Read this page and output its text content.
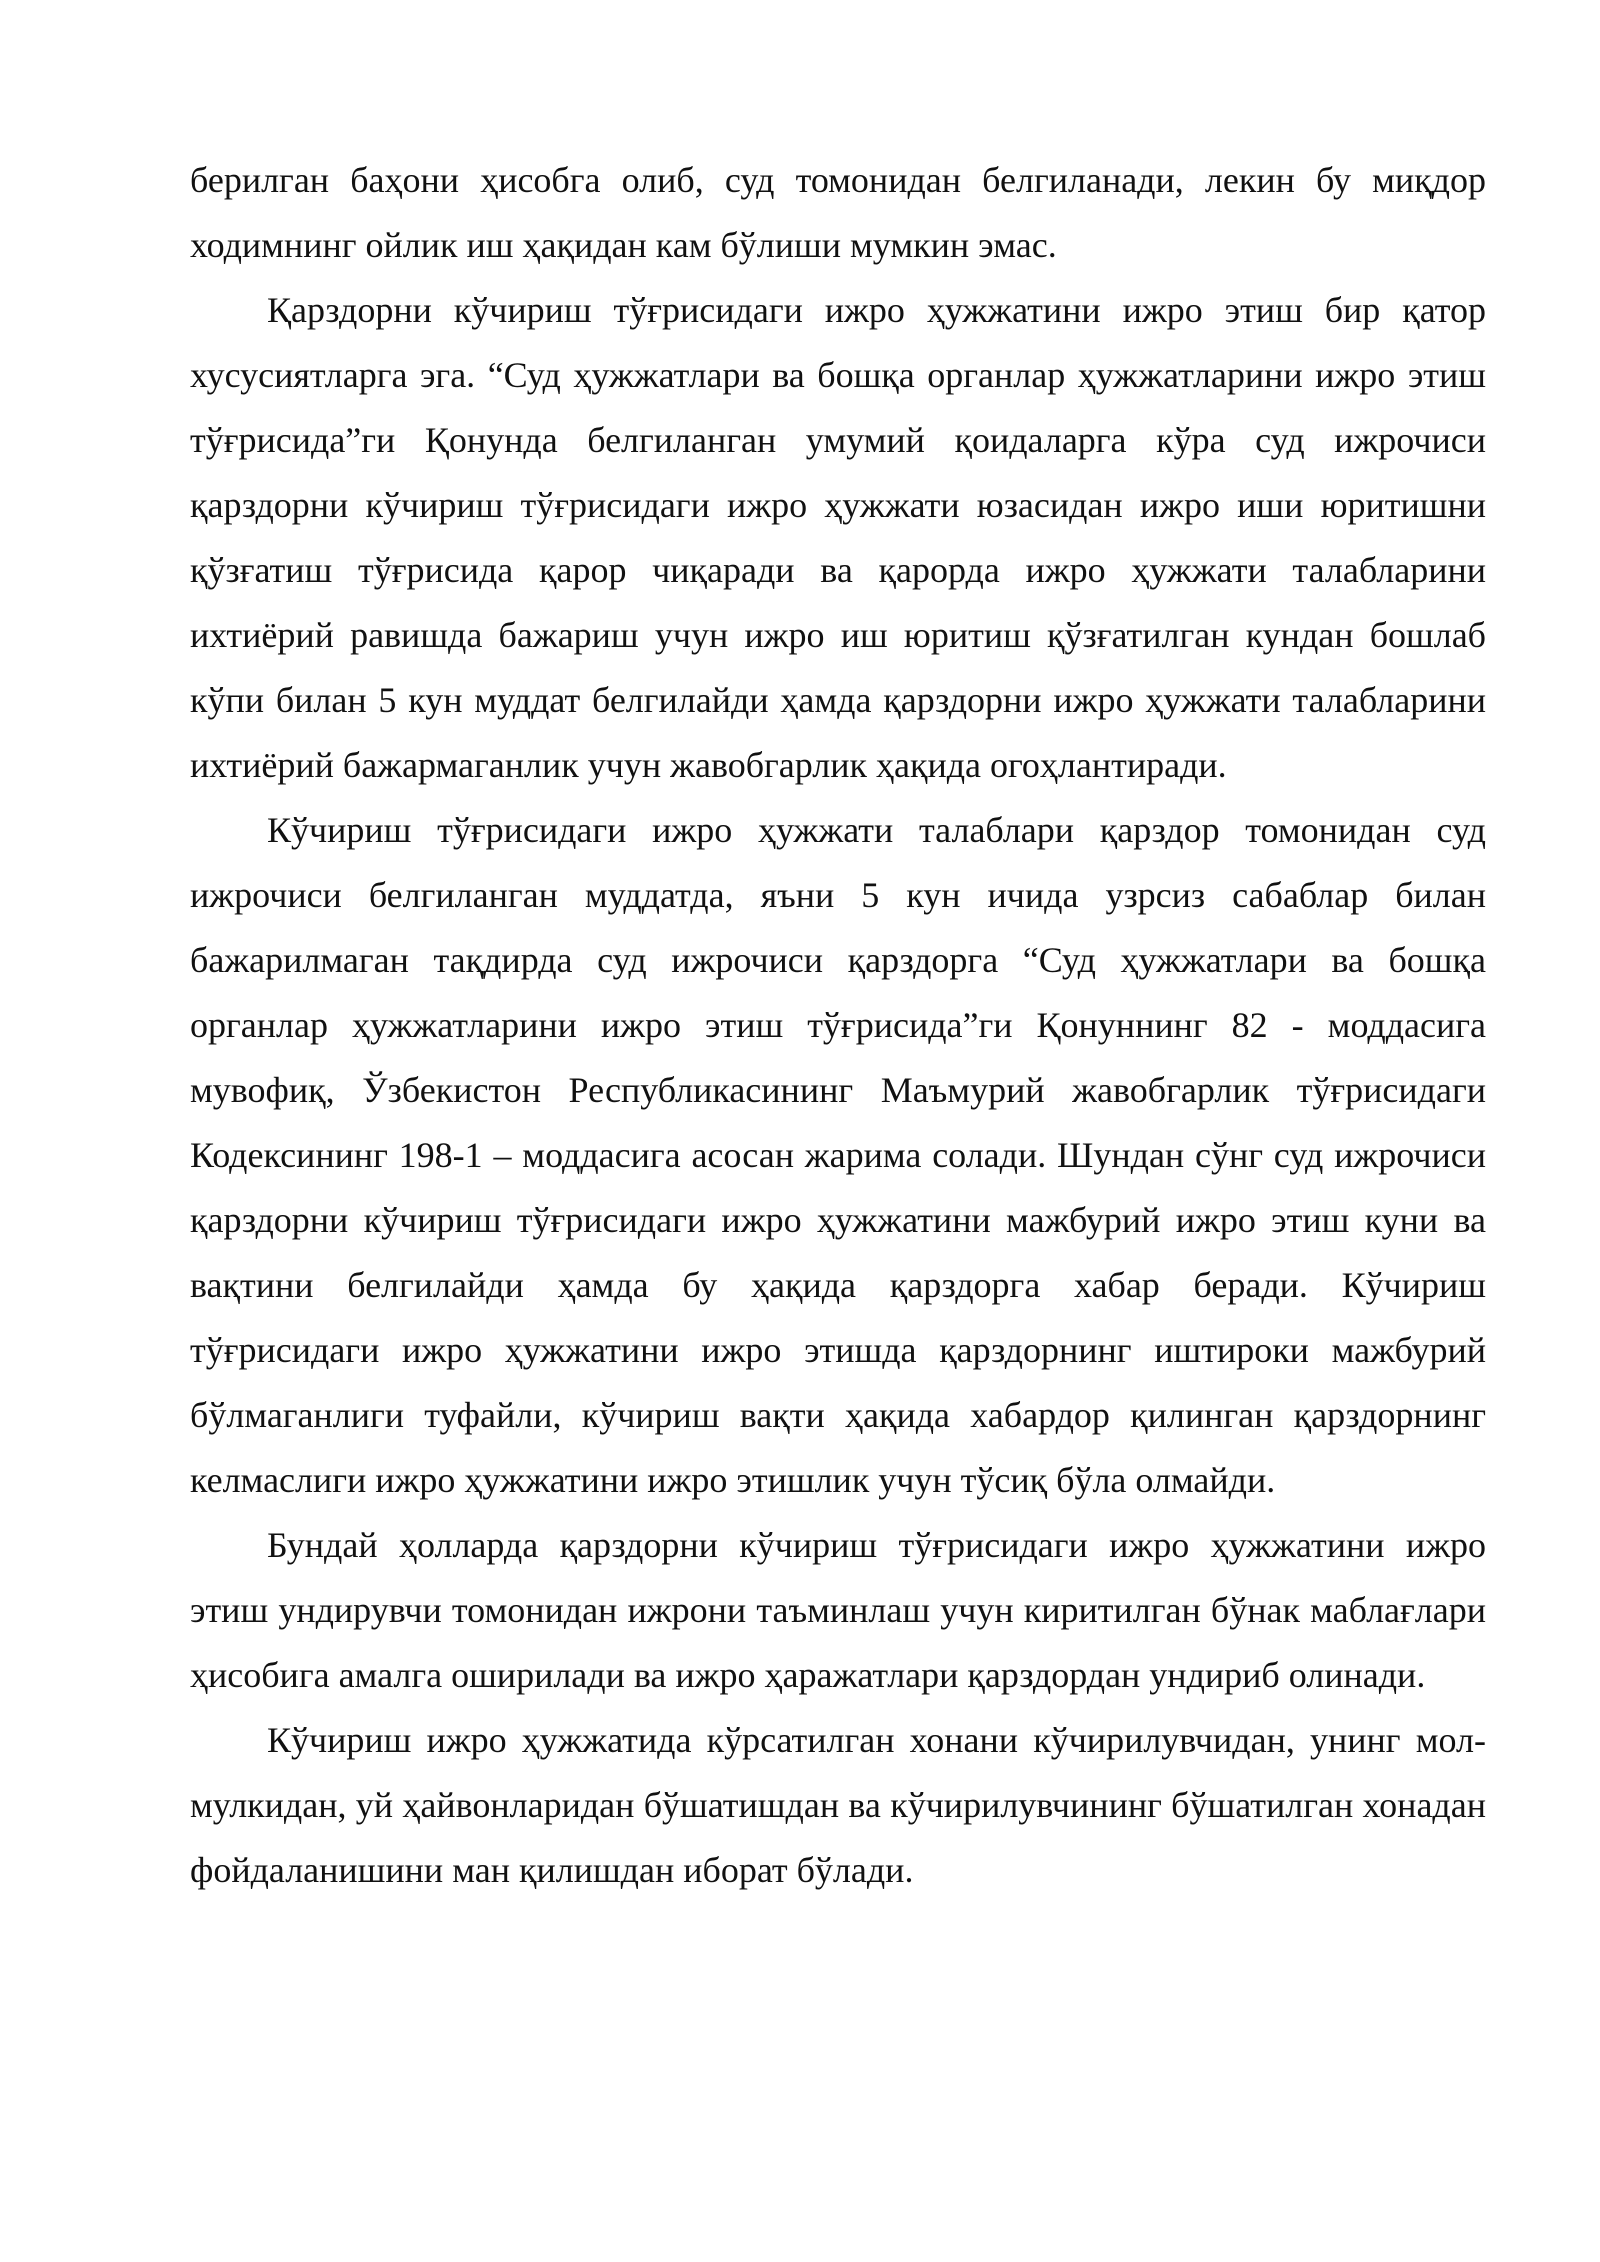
берилган баҳони ҳисобга олиб, суд томонидан белгиланади, лекин бу миқдор ходимнинг ойлик иш ҳақидан кам бўлиши мумкин эмас.

Қарздорни кўчириш тўғрисидаги ижро ҳужжатини ижро этиш бир қатор хусусиятларга эга. “Суд ҳужжатлари ва бошқа органлар ҳужжатларини ижро этиш тўғрисида”ги Қонунда белгиланган умумий қоидаларга кўра суд ижрочиси қарздорни кўчириш тўғрисидаги ижро ҳужжати юзасидан ижро иши юритишни қўзғатиш тўғрисида қарор чиқаради ва қарорда ижро ҳужжати талабларини ихтиёрий равишда бажариш учун ижро иш юритиш қўзғатилган кундан бошлаб кўпи билан 5 кун муддат белгилайди ҳамда қарздорни ижро ҳужжати талабларини ихтиёрий бажармаганлик учун жавобгарлик ҳақида огоҳлантиради.

Кўчириш тўғрисидаги ижро ҳужжати талаблари қарздор томонидан суд ижрочиси белгиланган муддатда, яъни 5 кун ичида узрсиз сабаблар билан бажарилмаган тақдирда суд ижрочиси қарздорга “Суд ҳужжатлари ва бошқа органлар ҳужжатларини ижро этиш тўғрисида”ги Қонуннинг 82 - моддасига мувофиқ, Ўзбекистон Республикасининг Маъмурий жавобгарлик тўғрисидаги Кодексининг 198-1 – моддасига асосан жарима солади. Шундан сўнг суд ижрочиси қарздорни кўчириш тўғрисидаги ижро ҳужжатини мажбурий ижро этиш куни ва вақтини белгилайди ҳамда бу ҳақида қарздорга хабар беради. Кўчириш тўғрисидаги ижро ҳужжатини ижро этишда қарздорнинг иштироки мажбурий бўлмаганлиги туфайли, кўчириш вақти ҳақида хабардор қилинган қарздорнинг келмаслиги ижро ҳужжатини ижро этишлик учун тўсиқ бўла олмайди.

Бундай ҳолларда қарздорни кўчириш тўғрисидаги ижро ҳужжатини ижро этиш ундирувчи томонидан ижрони таъминлаш учун киритилган бўнак маблағлари ҳисобига амалга оширилади ва ижро ҳаражатлари қарздордан ундириб олинади.

Кўчириш ижро ҳужжатида кўрсатилган хонани кўчирилувчидан, унинг мол-мулкидан, уй ҳайвонларидан бўшатишдан ва кўчирилувчининг бўшатилган хонадан фойдаланишини ман қилишдан иборат бўлади.
